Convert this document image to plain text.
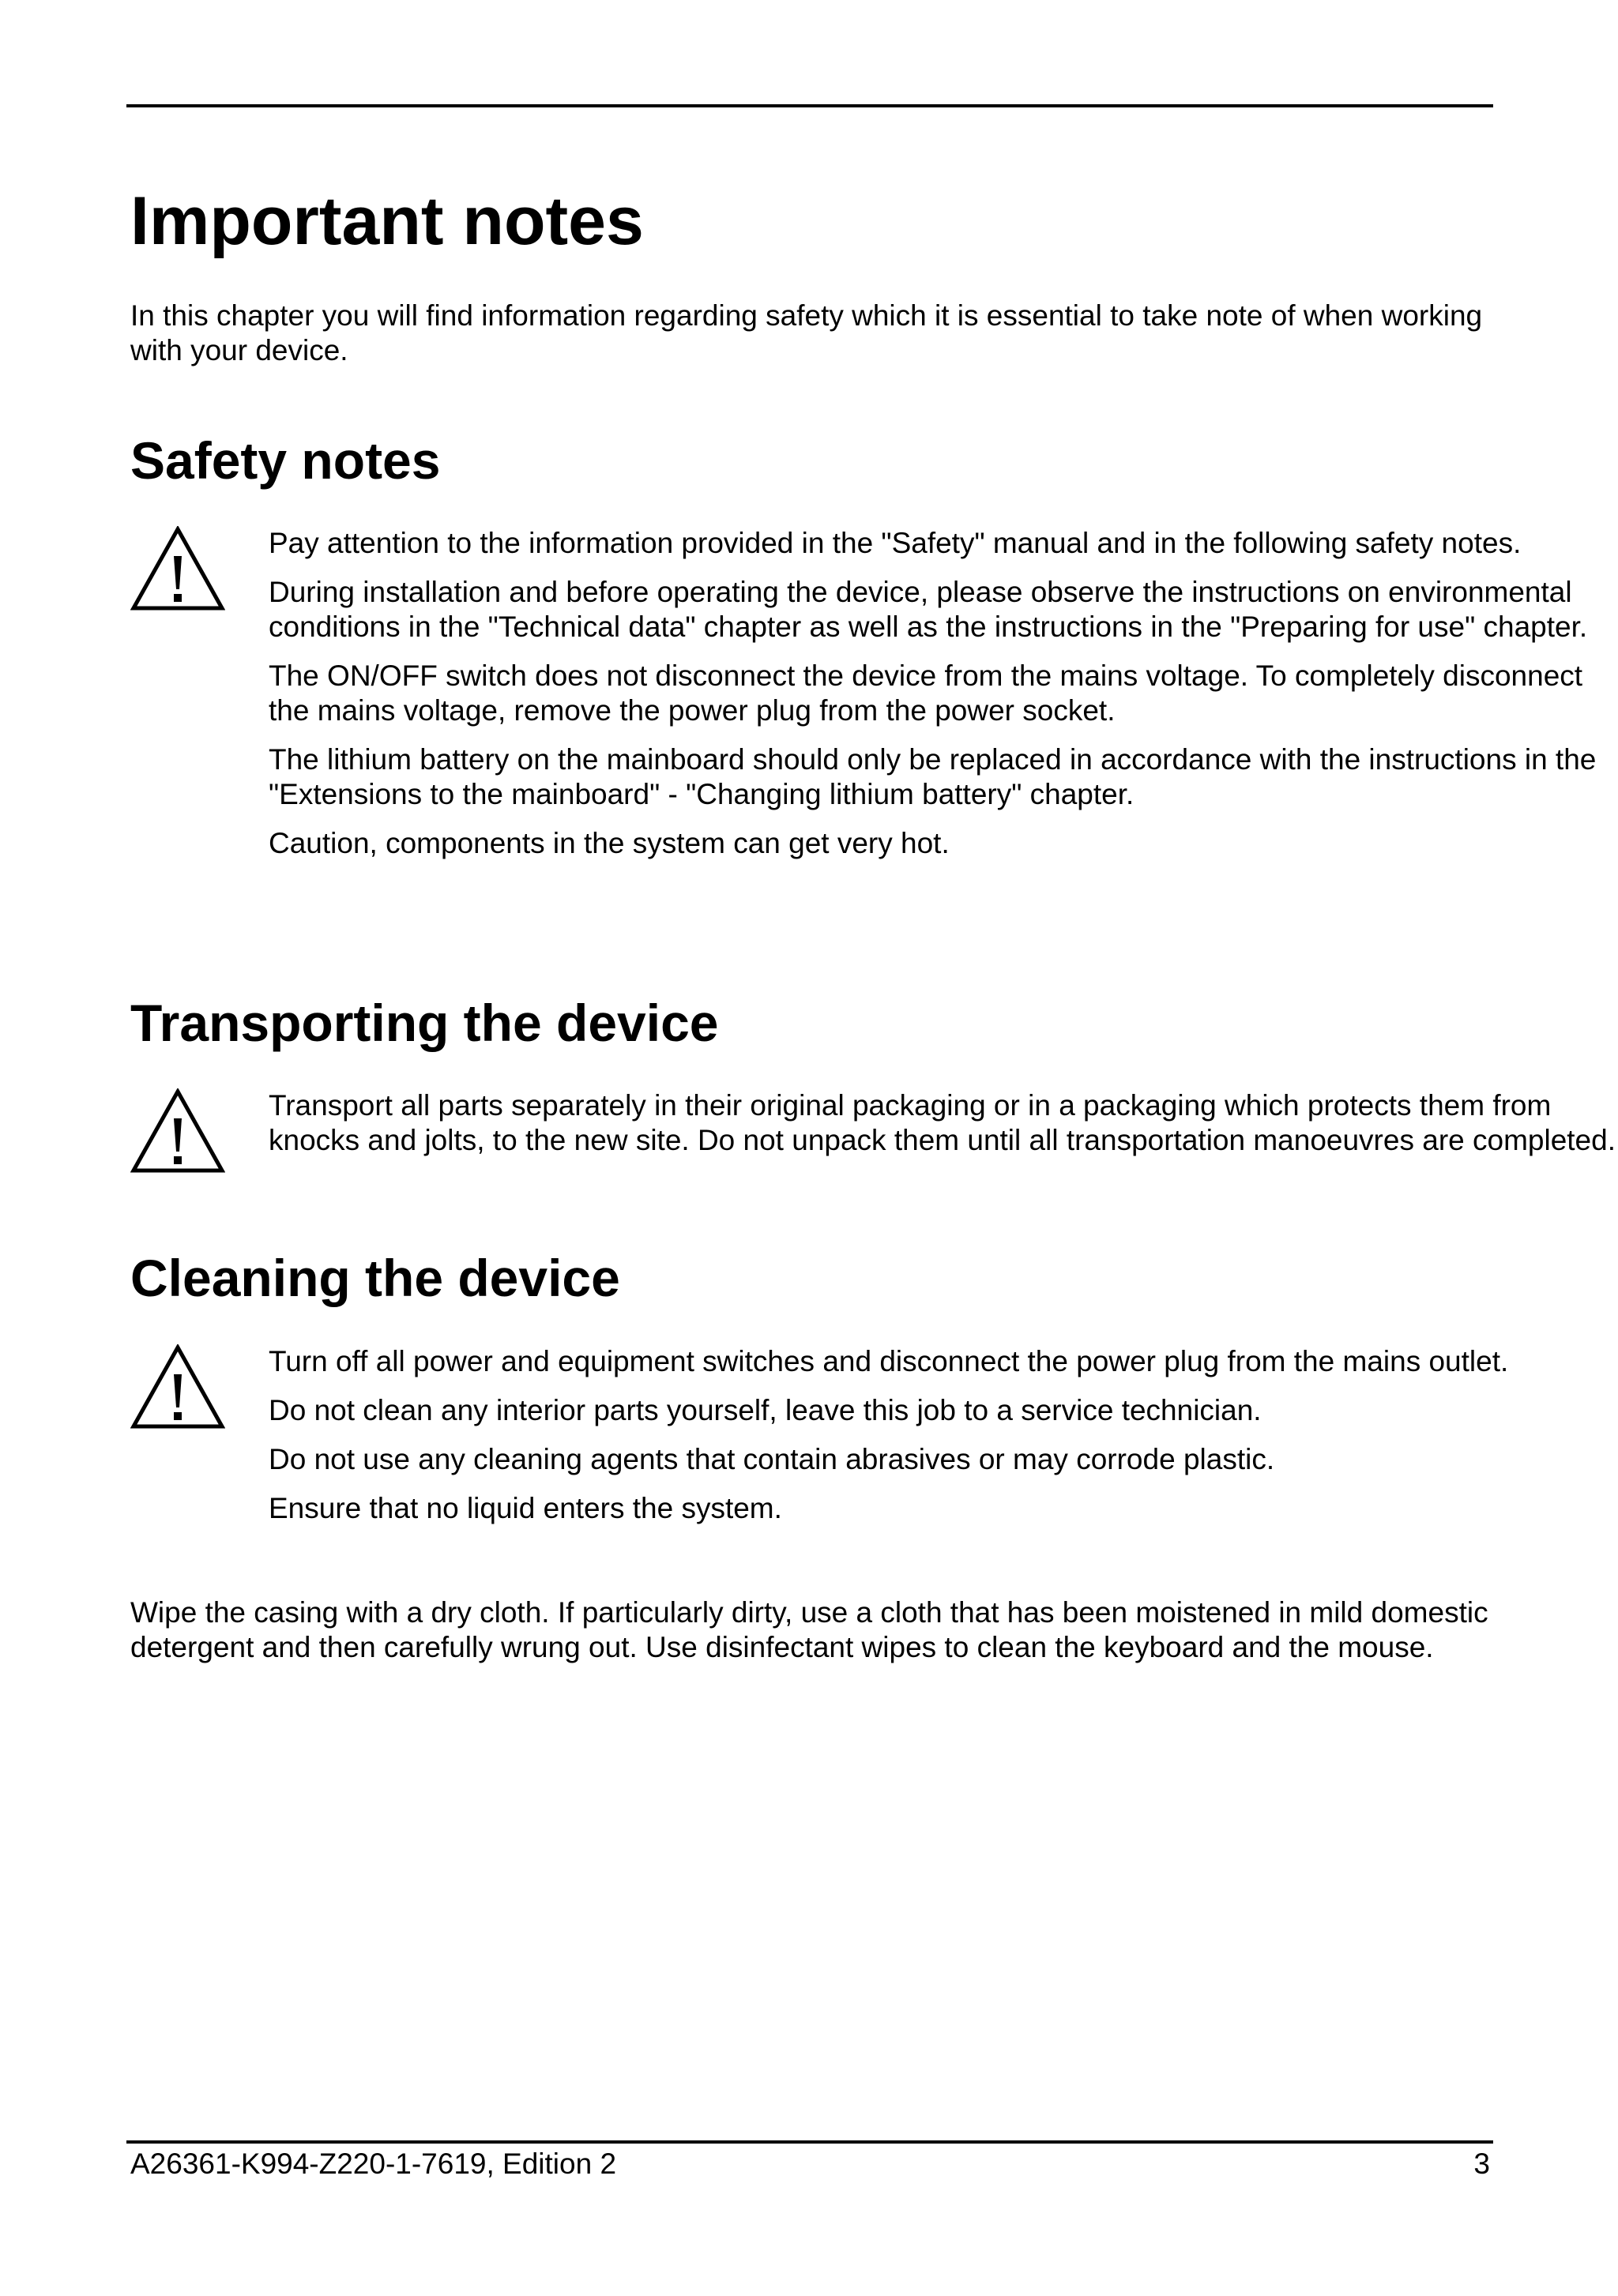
Important notes

In this chapter you will find information regarding safety which it is essential to take note of when working with your device.

Safety notes

Pay attention to the information provided in the "Safety" manual and in the following safety notes.

During installation and before operating the device, please observe the instructions on environmental conditions in the "Technical data" chapter as well as the instructions in the "Preparing for use" chapter.

The ON/OFF switch does not disconnect the device from the mains voltage. To completely disconnect the mains voltage, remove the power plug from the power socket.

The lithium battery on the mainboard should only be replaced in accordance with the instructions in the "Extensions to the mainboard" - "Changing lithium battery" chapter.

Caution, components in the system can get very hot.

Transporting the device

Transport all parts separately in their original packaging or in a packaging which protects them from knocks and jolts, to the new site. Do not unpack them until all transportation manoeuvres are completed.

Cleaning the device

Turn off all power and equipment switches and disconnect the power plug from the mains outlet.

Do not clean any interior parts yourself, leave this job to a service technician.

Do not use any cleaning agents that contain abrasives or may corrode plastic.

Ensure that no liquid enters the system.

Wipe the casing with a dry cloth. If particularly dirty, use a cloth that has been moistened in mild domestic detergent and then carefully wrung out. Use disinfectant wipes to clean the keyboard and the mouse.

A26361-K994-Z220-1-7619, Edition 2	3
